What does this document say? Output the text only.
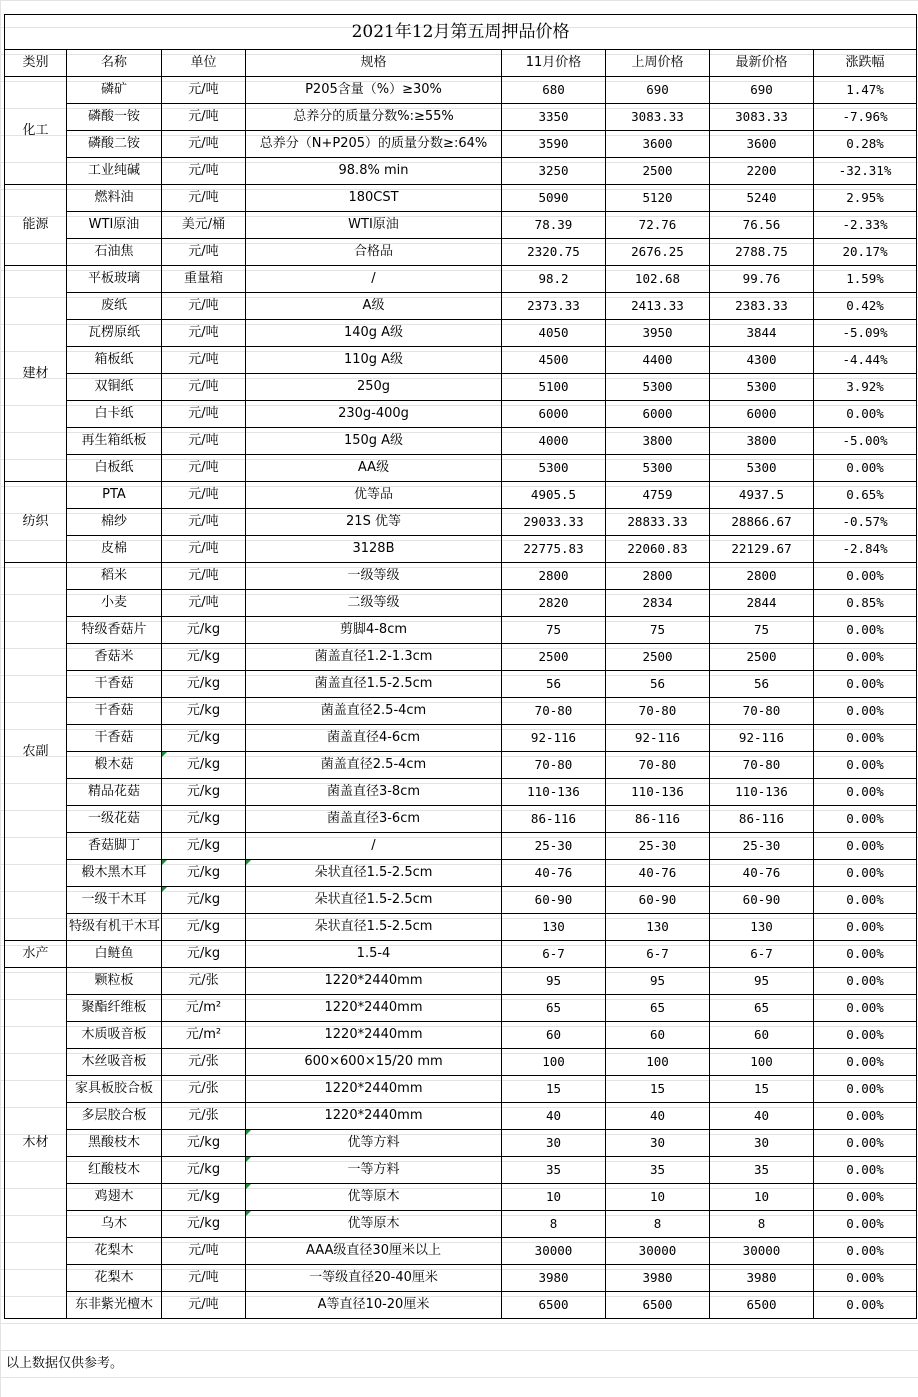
2021年12月第五周押品价格							
类别	名称	单位	规格	11月价格	上周价格	最新价格	涨跌幅
化工	磷矿	元/吨	P205含量（%）≥30%	680	690	690	1.47%
	磷酸一铵	元/吨	总养分的质量分数%:≥55%	3350	3083.33	3083.33	-7.96%
	磷酸二铵	元/吨	总养分（N+P205）的质量分数≥:64%	3590	3600	3600	0.28%
	工业纯碱	元/吨	98.8% min	3250	2500	2200	-32.31%
能源	燃料油	元/吨	180CST	5090	5120	5240	2.95%
	WTI原油	美元/桶	WTI原油	78.39	72.76	76.56	-2.33%
	石油焦	元/吨	合格品	2320.75	2676.25	2788.75	20.17%
建材	平板玻璃	重量箱	/	98.2	102.68	99.76	1.59%
	废纸	元/吨	A级	2373.33	2413.33	2383.33	0.42%
	瓦楞原纸	元/吨	140g A级	4050	3950	3844	-5.09%
	箱板纸	元/吨	110g A级	4500	4400	4300	-4.44%
	双铜纸	元/吨	250g	5100	5300	5300	3.92%
	白卡纸	元/吨	230g-400g	6000	6000	6000	0.00%
	再生箱纸板	元/吨	150g A级	4000	3800	3800	-5.00%
	白板纸	元/吨	AA级	5300	5300	5300	0.00%
纺织	PTA	元/吨	优等品	4905.5	4759	4937.5	0.65%
	棉纱	元/吨	21S 优等	29033.33	28833.33	28866.67	-0.57%
	皮棉	元/吨	3128B	22775.83	22060.83	22129.67	-2.84%
农副	稻米	元/吨	一级等级	2800	2800	2800	0.00%
	小麦	元/吨	二级等级	2820	2834	2844	0.85%
	特级香菇片	元/kg	剪脚4-8cm	75	75	75	0.00%
	香菇米	元/kg	菌盖直径1.2-1.3cm	2500	2500	2500	0.00%
	干香菇	元/kg	菌盖直径1.5-2.5cm	56	56	56	0.00%
	干香菇	元/kg	菌盖直径2.5-4cm	70-80	70-80	70-80	0.00%
	干香菇	元/kg	菌盖直径4-6cm	92-116	92-116	92-116	0.00%
	椴木菇	元/kg	菌盖直径2.5-4cm	70-80	70-80	70-80	0.00%
	精品花菇	元/kg	菌盖直径3-8cm	110-136	110-136	110-136	0.00%
	一级花菇	元/kg	菌盖直径3-6cm	86-116	86-116	86-116	0.00%
	香菇脚丁	元/kg	/	25-30	25-30	25-30	0.00%
	椴木黑木耳	元/kg	朵状直径1.5-2.5cm	40-76	40-76	40-76	0.00%
	一级干木耳	元/kg	朵状直径1.5-2.5cm	60-90	60-90	60-90	0.00%
	特级有机干木耳	元/kg	朵状直径1.5-2.5cm	130	130	130	0.00%
水产	白鲢鱼	元/kg	1.5-4	6-7	6-7	6-7	0.00%
木材	颗粒板	元/张	1220*2440mm	95	95	95	0.00%
	聚酯纤维板	元/m²	1220*2440mm	65	65	65	0.00%
	木质吸音板	元/m²	1220*2440mm	60	60	60	0.00%
	木丝吸音板	元/张	600×600×15/20 mm	100	100	100	0.00%
	家具板胶合板	元/张	1220*2440mm	15	15	15	0.00%
	多层胶合板	元/张	1220*2440mm	40	40	40	0.00%
	黑酸枝木	元/kg	优等方料	30	30	30	0.00%
	红酸枝木	元/kg	一等方料	35	35	35	0.00%
	鸡翅木	元/kg	优等原木	10	10	10	0.00%
	乌木	元/kg	优等原木	8	8	8	0.00%
	花梨木	元/吨	AAA级直径30厘米以上	30000	30000	30000	0.00%
	花梨木	元/吨	一等级直径20-40厘米	3980	3980	3980	0.00%
	东非紫光檀木	元/吨	A等直径10-20厘米	6500	6500	6500	0.00%
以上数据仅供参考。
